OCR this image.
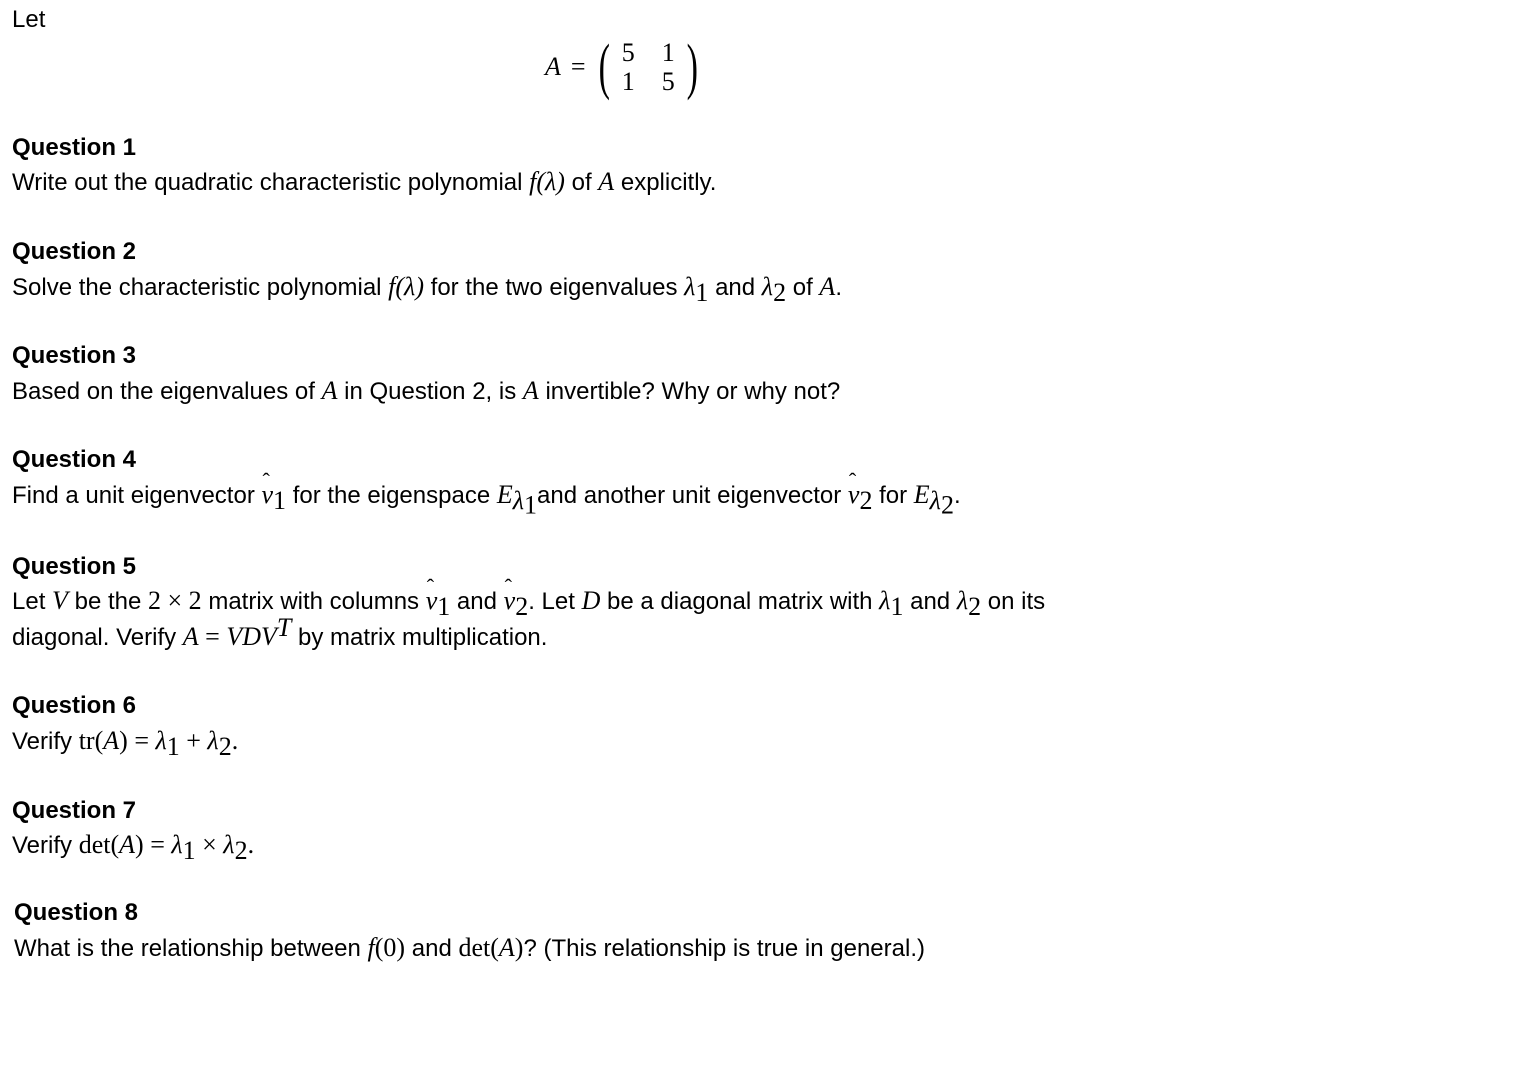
Let
A = ( 5	1
1	5 )
Question 1
Write out the quadratic characteristic polynomial f(λ) of A explicitly.
Question 2
Solve the characteristic polynomial f(λ) for the two eigenvalues $\lambda_1$ and $\lambda_2$ of A.
Question 3
Based on the eigenvalues of A in Question 2, is A invertible? Why or why not?
Question 4
Find a unit eigenvector ˆ $v_1$ for the eigenspace $E_{\lambda_1}and$ another unit eigenvector ˆ $v_2$ for $E_{\lambda_2}$.
Question 5
Let V be the 2 × 2 matrix with columns ˆ $v_1$ and ˆ $v_2$. Let D be a diagonal matrix with $\lambda_1$ and $\lambda_2$ on its
diagonal. Verify $A = VDV^T$ by matrix multiplication.
Question 6
Verify $tr(A) = \lambda_1 + \lambda_2$.
Question 7
Verify $\det(A) = \lambda_1 \times \lambda_2$.
Question 8
What is the relationship between f(0) and det(A)? (This relationship is true in general.)
